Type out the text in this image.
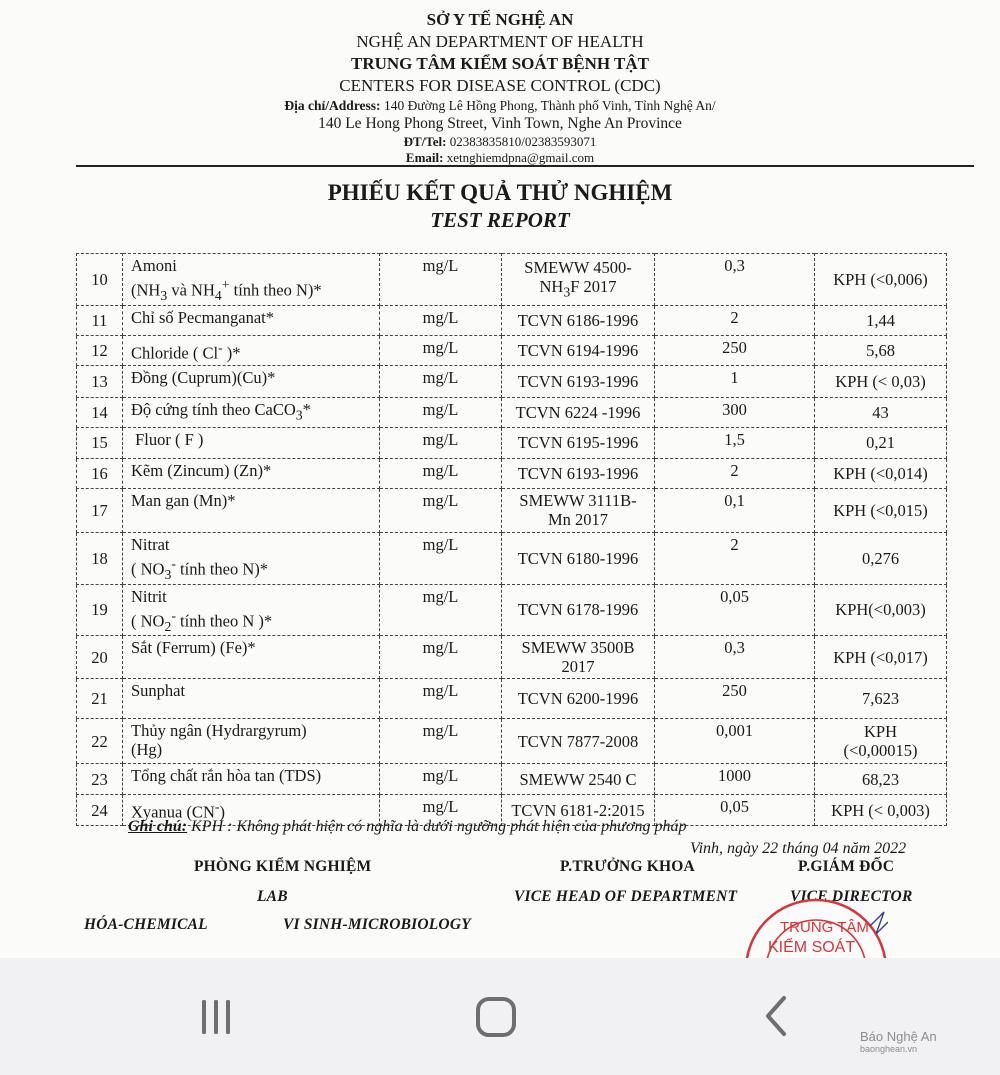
SỞ Y TẾ NGHỆ AN
NGHỆ AN DEPARTMENT OF HEALTH
TRUNG TÂM KIỂM SOÁT BỆNH TẬT
CENTERS FOR DISEASE CONTROL (CDC)
Địa chỉ/Address: 140 Đường Lê Hồng Phong, Thành phố Vinh, Tỉnh Nghệ An/
140 Le Hong Phong Street, Vinh Town, Nghe An Province
ĐT/Tel: 02383835810/02383593071
Email: xetnghiemdpna@gmail.com
PHIẾU KẾT QUẢ THỬ NGHIỆM
TEST REPORT
10	Amoni
($NH_3$ và $NH_4^+$ tính theo N)*	mg/L	SMEWW 4500-
$NH_3F$ 2017	0,3	KPH (<0,006)
11	Chỉ số Pecmanganat*	mg/L	TCVN 6186-1996	2	1,44
12	Chloride ( Cl- )*	mg/L	TCVN 6194-1996	250	5,68
13	Đồng (Cuprum)(Cu)*	mg/L	TCVN 6193-1996	1	KPH (< 0,03)
14	Độ cứng tính theo CaCO$_3$*	mg/L	TCVN 6224 -1996	300	43
15	Fluor ( F )	mg/L	TCVN 6195-1996	1,5	0,21
16	Kẽm (Zincum) (Zn)*	mg/L	TCVN 6193-1996	2	KPH (<0,014)
17	Man gan (Mn)*	mg/L	SMEWW 3111B-
Mn 2017	0,1	KPH (<0,015)
18	Nitrat
( $NO_3^-$ tính theo N)*	mg/L	TCVN 6180-1996	2	0,276
19	Nitrit
( $NO_2^-$ tính theo N )*	mg/L	TCVN 6178-1996	0,05	KPH(<0,003)
20	Sắt (Ferrum) (Fe)*	mg/L	SMEWW 3500B
2017	0,3	KPH (<0,017)
21	Sunphat	mg/L	TCVN 6200-1996	250	7,623
22	Thủy ngân (Hydrargyrum)
(Hg)	mg/L	TCVN 7877-2008	0,001	KPH
(<0,00015)
23	Tổng chất rắn hòa tan (TDS)	mg/L	SMEWW 2540 C	1000	68,23
24	Xyanua (CN-)	mg/L	TCVN 6181-2:2015	0,05	KPH (< 0,003)
Ghi chú: KPH : Không phát hiện có nghĩa là dưới ngưỡng phát hiện của phương pháp
Vinh, ngày 22 tháng 04 năm 2022
PHÒNG KIỂM NGHIỆM
LAB
P.TRƯỞNG KHOA
VICE HEAD OF DEPARTMENT
P.GIÁM ĐỐC
VICE DIRECTOR
HÓA-CHEMICAL	VI SINH-MICROBIOLOGY	TRUNG TÂM
KIỂM SOÁT
Báo Nghệ An
baonghean.vn
